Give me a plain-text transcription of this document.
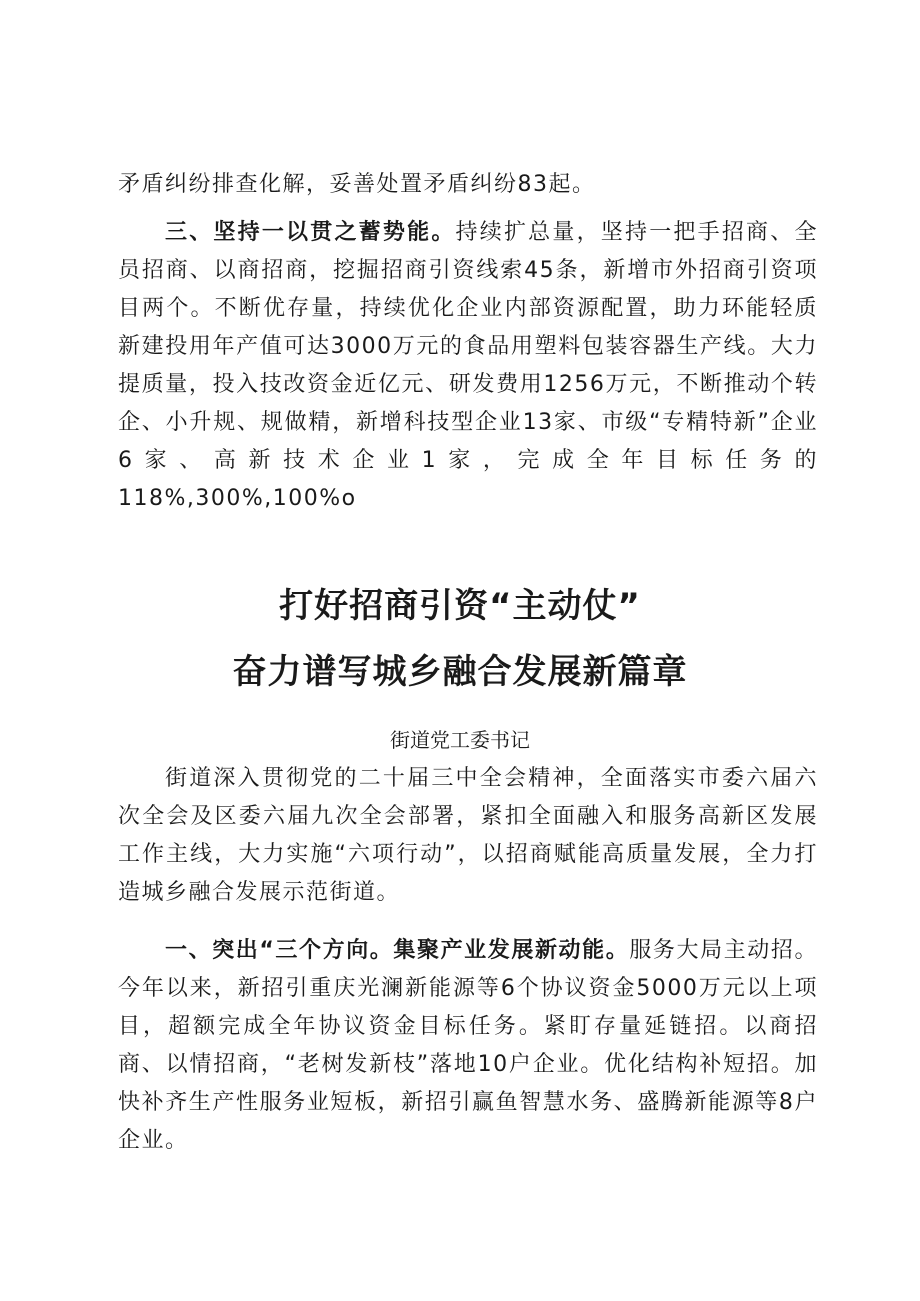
矛盾纠纷排查化解，妥善处置矛盾纠纷83起。

三、坚持一以贯之蓄势能。持续扩总量，坚持一把手招商、全员招商、以商招商，挖掘招商引资线索45条，新增市外招商引资项目两个。不断优存量，持续优化企业内部资源配置，助力环能轻质新建投用年产值可达3000万元的食品用塑料包装容器生产线。大力提质量，投入技改资金近亿元、研发费用1256万元，不断推动个转企、小升规、规做精，新增科技型企业13家、市级“专精特新”企业6家、高新技术企业1家，完成全年目标任务的118%,300%,100%o

打好招商引资“主动仗”
奋力谱写城乡融合发展新篇章

街道党工委书记

街道深入贯彻党的二十届三中全会精神，全面落实市委六届六次全会及区委六届九次全会部署，紧扣全面融入和服务高新区发展工作主线，大力实施“六项行动”，以招商赋能高质量发展，全力打造城乡融合发展示范街道。

一、突出“三个方向。集聚产业发展新动能。服务大局主动招。今年以来，新招引重庆光澜新能源等6个协议资金5000万元以上项目，超额完成全年协议资金目标任务。紧盯存量延链招。以商招商、以情招商，“老树发新枝”落地10户企业。优化结构补短招。加快补齐生产性服务业短板，新招引赢鱼智慧水务、盛腾新能源等8户企业。
